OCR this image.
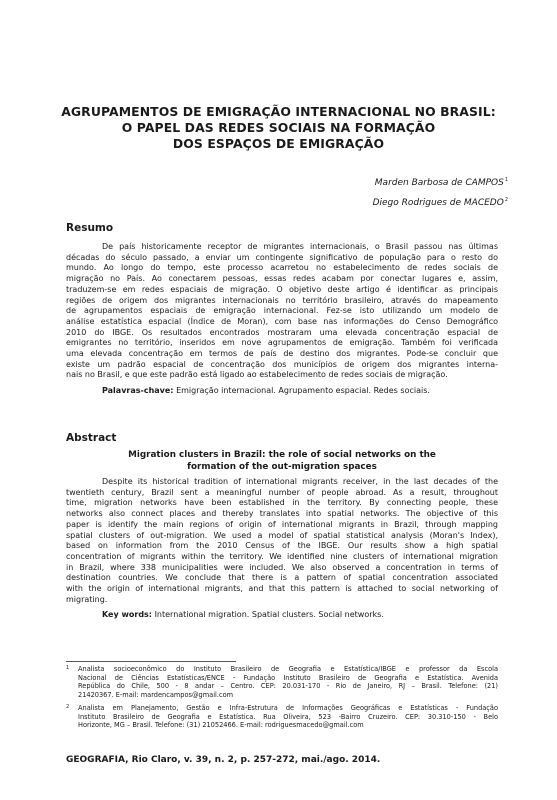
AGRUPAMENTOS DE EMIGRAÇÃO INTERNACIONAL NO BRASIL:
O PAPEL DAS REDES SOCIAIS NA FORMAÇÃO
DOS ESPAÇOS DE EMIGRAÇÃO
Marden Barbosa de CAMPOS$^1$
Diego Rodrigues de MACEDO$^2$
Resumo
De país historicamente receptor de migrantes internacionais, o Brasil passou nas últimas
décadas do século passado, a enviar um contingente significativo de população para o resto do
mundo. Ao longo do tempo, este processo acarretou no estabelecimento de redes sociais de
migração no País. Ao conectarem pessoas, essas redes acabam por conectar lugares e, assim,
traduzem-se em redes espaciais de migração. O objetivo deste artigo é identificar as principais
regiões de origem dos migrantes internacionais no território brasileiro, através do mapeamento
de agrupamentos espaciais de emigração internacional. Fez-se isto utilizando um modelo de
análise estatística espacial (Índice de Moran), com base nas informações do Censo Demográfico
2010 do IBGE. Os resultados encontrados mostraram uma elevada concentração espacial de
emigrantes no território, inseridos em nove agrupamentos de emigração. Também foi verificada
uma elevada concentração em termos de país de destino dos migrantes. Pode-se concluir que
existe um padrão espacial de concentração dos municípios de origem dos migrantes interna-
nais no Brasil, e que este padrão está ligado ao estabelecimento de redes sociais de migração.
Palavras-chave: Emigração internacional. Agrupamento espacial. Redes sociais.
Abstract
Migration clusters in Brazil: the role of social networks on the
formation of the out-migration spaces
Despite its historical tradition of international migrants receiver, in the last decades of the
twentieth century, Brazil sent a meaningful number of people abroad. As a result, throughout
time, migration networks have been established in the territory. By connecting people, these
networks also connect places and thereby translates into spatial networks. The objective of this
paper is identify the main regions of origin of international migrants in Brazil, through mapping
spatial clusters of out-migration. We used a model of spatial statistical analysis (Moran's Index),
based on information from the 2010 Census of the IBGE. Our results show a high spatial
concentration of migrants within the territory. We identified nine clusters of international migration
in Brazil, where 338 municipalities were included. We also observed a concentration in terms of
destination countries. We conclude that there is a pattern of spatial concentration associated
with the origin of international migrants, and that this pattern is attached to social networking of
migrating.
Key words: International migration. Spatial clusters. Social networks.
1	Analista socioeconômico do Instituto Brasileiro de Geografia e Estatística/IBGE e professor da Escola
Nacional de Ciências Estatísticas/ENCE - Fundação Instituto Brasileiro de Geografia e Estatística. Avenida
República do Chile, 500 - 8 andar – Centro. CEP: 20.031-170 - Rio de Janeiro, RJ – Brasil. Telefone: (21)
21420367. E-mail: mardencampos@gmail.com
2	Analista em Planejamento, Gestão e Infra-Estrutura de Informações Geográficas e Estatísticas - Fundação
Instituto Brasileiro de Geografia e Estatística. Rua Oliveira, 523 -Bairro Cruzeiro. CEP: 30.310-150 - Belo
Horizonte, MG – Brasil. Telefone: (31) 21052466. E-mail: rodriguesmacedo@gmail.com
GEOGRAFIA, Rio Claro, v. 39, n. 2, p. 257-272, mai./ago. 2014.
